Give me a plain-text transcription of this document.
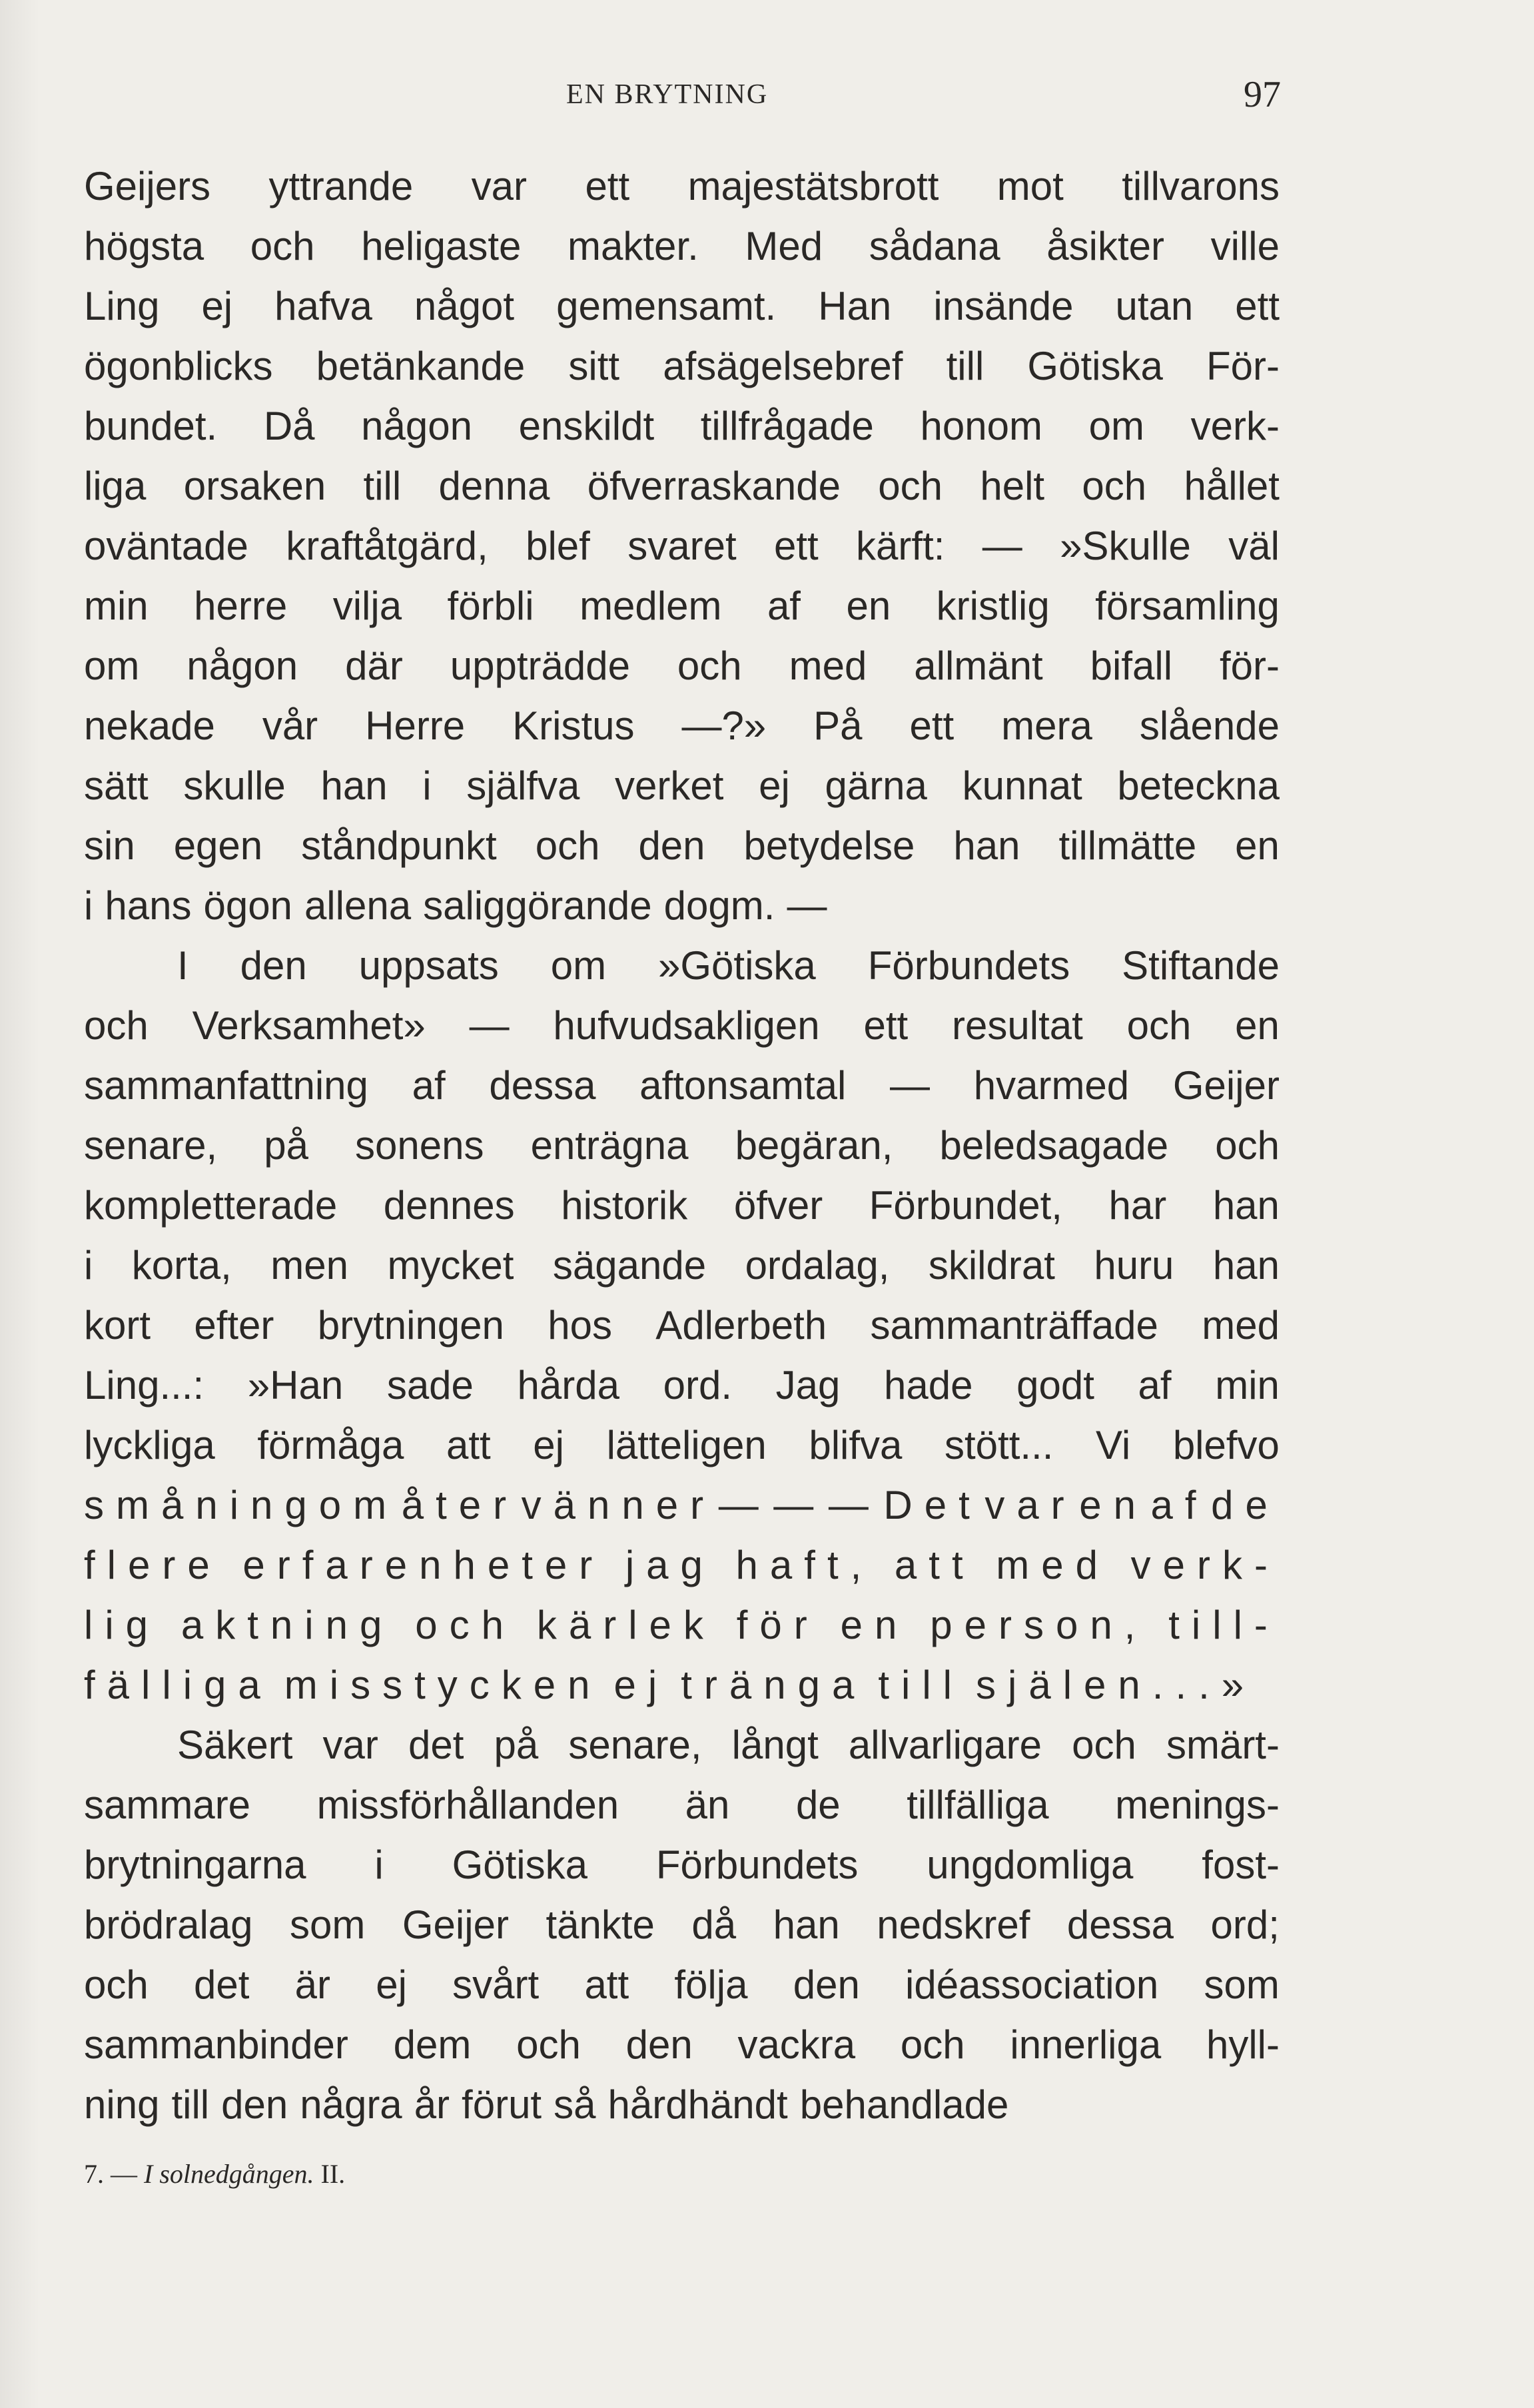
EN BRYTNING	97
Geijers yttrande var ett majestätsbrott mot tillvarons
högsta och heligaste makter. Med sådana åsikter ville
Ling ej hafva något gemensamt. Han insände utan ett
ögonblicks betänkande sitt afsägelsebref till Götiska För-
bundet. Då någon enskildt tillfrågade honom om verk-
liga orsaken till denna öfverraskande och helt och hållet
oväntade kraftåtgärd, blef svaret ett kärft: — »Skulle väl
min herre vilja förbli medlem af en kristlig församling
om någon där uppträdde och med allmänt bifall för-
nekade vår Herre Kristus —?» På ett mera slående
sätt skulle han i själfva verket ej gärna kunnat beteckna
sin egen ståndpunkt och den betydelse han tillmätte en
i hans ögon allena saliggörande dogm. —
I den uppsats om »Götiska Förbundets Stiftande
och Verksamhet» — hufvudsakligen ett resultat och en
sammanfattning af dessa aftonsamtal — hvarmed Geijer
senare, på sonens enträgna begäran, beledsagade och
kompletterade dennes historik öfver Förbundet, har han
i korta, men mycket sägande ordalag, skildrat huru han
kort efter brytningen hos Adlerbeth sammanträffade med
Ling...: »Han sade hårda ord. Jag hade godt af min
lyckliga förmåga att ej lätteligen blifva stött... Vi blefvo
småningom åter vänner — — — Det var en af de
flere erfarenheter jag haft, att med verk-
lig aktning och kärlek för en person, till-
fälliga misstycken ej tränga till själen...»
Säkert var det på senare, långt allvarligare och smärt-
sammare missförhållanden än de tillfälliga menings-
brytningarna i Götiska Förbundets ungdomliga fost-
brödralag som Geijer tänkte då han nedskref dessa ord;
och det är ej svårt att följa den idéassociation som
sammanbinder dem och den vackra och innerliga hyll-
ning till den några år förut så hårdhändt behandlade
7. — I solnedgången. II.
